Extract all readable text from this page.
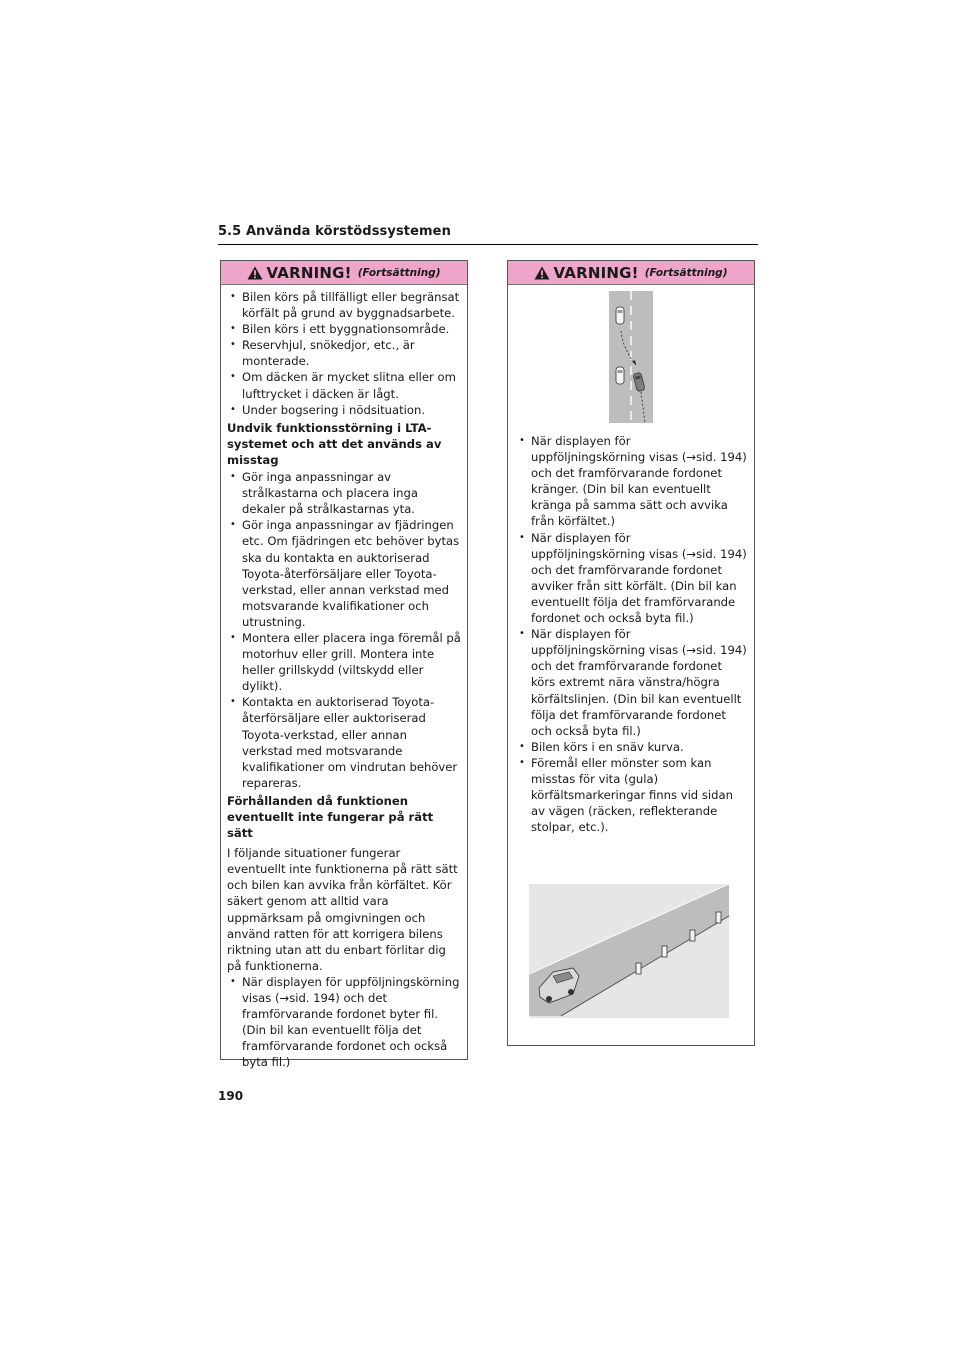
5.5 Använda körstödssystemen
VARNING! (Fortsättning)
• Bilen körs på tillfälligt eller begränsat körfält på grund av byggnadsarbete.
• Bilen körs i ett byggnationsområde.
• Reservhjul, snökedjor, etc., är monterade.
• Om däcken är mycket slitna eller om lufttrycket i däcken är lågt.
• Under bogsering i nödsituation.
Undvik funktionsstörning i LTA-systemet och att det används av misstag
• Gör inga anpassningar av strålkastarna och placera inga dekaler på strålkastarnas yta.
• Gör inga anpassningar av fjädringen etc. Om fjädringen etc behöver bytas ska du kontakta en auktoriserad Toyota-återförsäljare eller Toyota-verkstad, eller annan verkstad med motsvarande kvalifikationer och utrustning.
• Montera eller placera inga föremål på motorhuv eller grill. Montera inte heller grillskydd (viltskydd eller dylikt).
• Kontakta en auktoriserad Toyota-återförsäljare eller auktoriserad Toyota-verkstad, eller annan verkstad med motsvarande kvalifikationer om vindrutan behöver repareras.
Förhållanden då funktionen eventuellt inte fungerar på rätt sätt
I följande situationer fungerar eventuellt inte funktionerna på rätt sätt och bilen kan avvika från körfältet. Kör säkert genom att alltid vara uppmärksam på omgivningen och använd ratten för att korrigera bilens riktning utan att du enbart förlitar dig på funktionerna.
• När displayen för uppföljningskörning visas (→sid. 194) och det framförvarande fordonet byter fil. (Din bil kan eventuellt följa det framförvarande fordonet och också byta fil.)
VARNING! (Fortsättning)
• När displayen för uppföljningskörning visas (→sid. 194) och det framförvarande fordonet kränger. (Din bil kan eventuellt kränga på samma sätt och avvika från körfältet.)
• När displayen för uppföljningskörning visas (→sid. 194) och det framförvarande fordonet avviker från sitt körfält. (Din bil kan eventuellt följa det framförvarande fordonet och också byta fil.)
• När displayen för uppföljningskörning visas (→sid. 194) och det framförvarande fordonet körs extremt nära vänstra/högra körfältslinjen. (Din bil kan eventuellt följa det framförvarande fordonet och också byta fil.)
• Bilen körs i en snäv kurva.
• Föremål eller mönster som kan misstas för vita (gula) körfältsmarkeringar finns vid sidan av vägen (räcken, reflekterande stolpar, etc.).
190
